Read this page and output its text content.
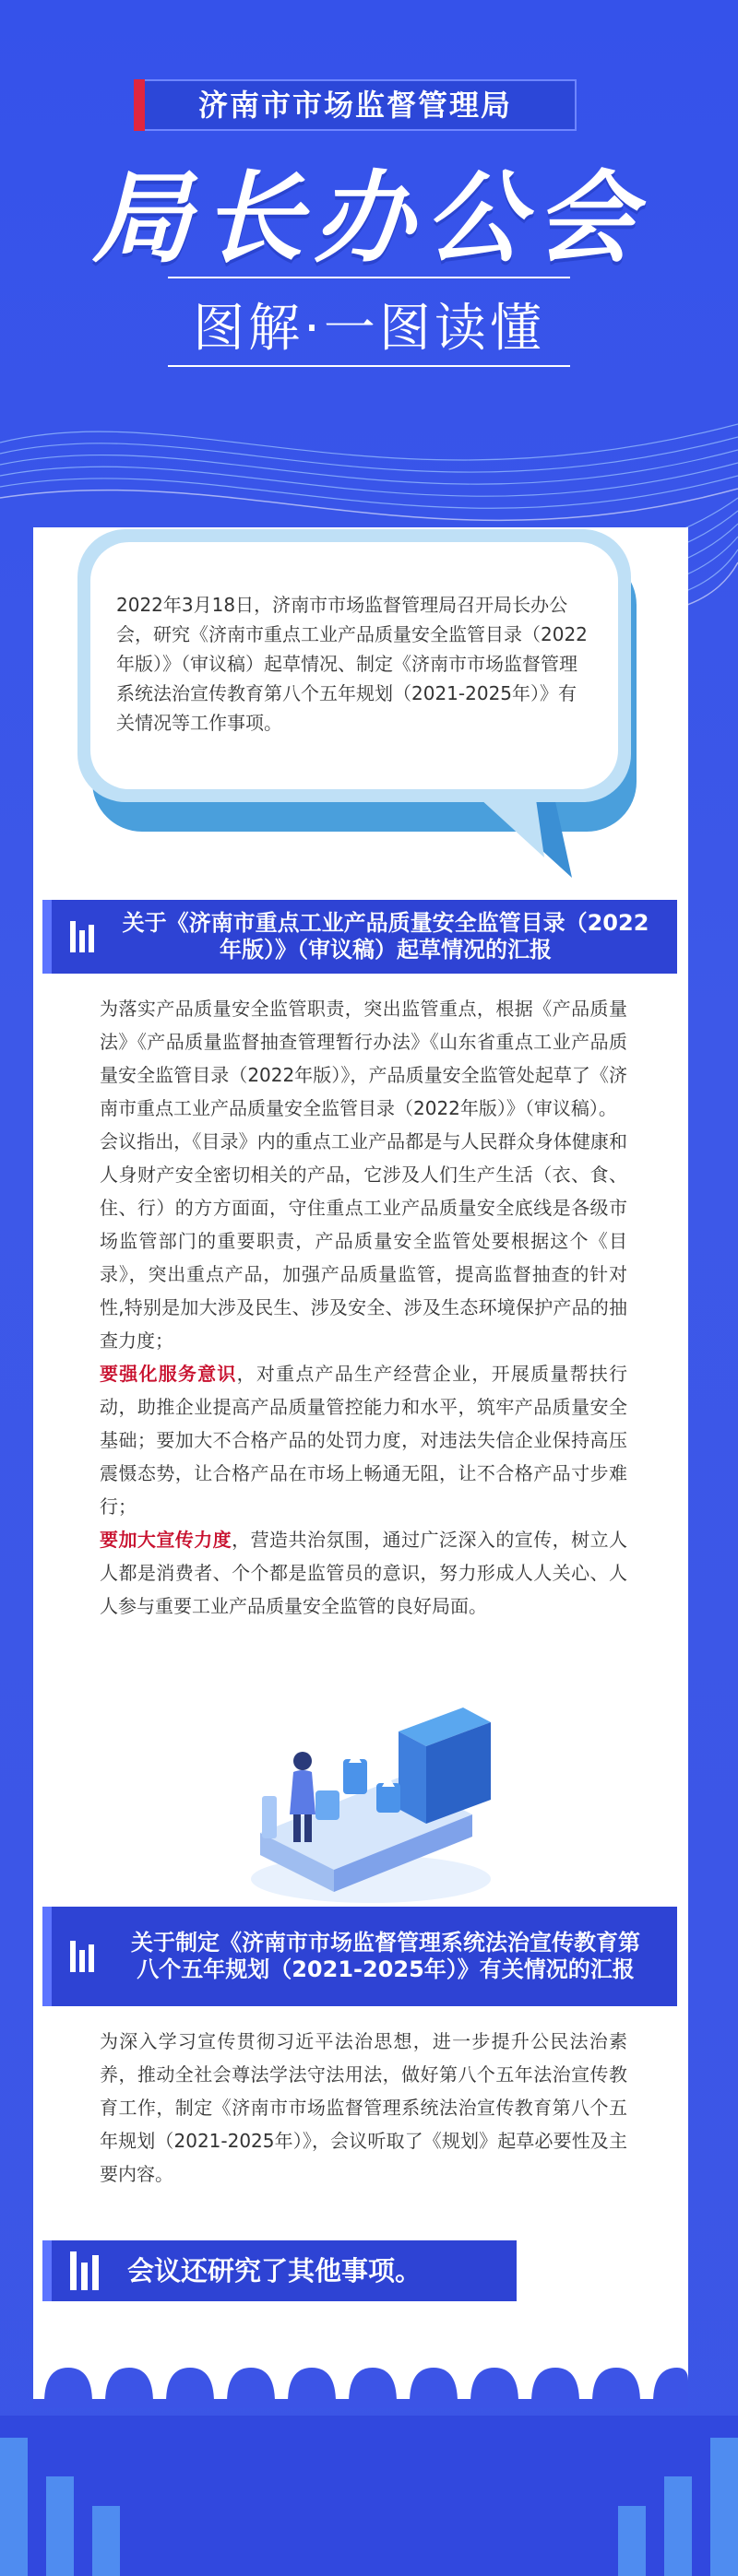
济南市市场监督管理局
局长办公会
图解·一图读懂
2022年3月18日，济南市市场监督管理局召开局长办公会，研究《济南市重点工业产品质量安全监管目录（2022年版）》（审议稿）起草情况、制定《济南市市场监督管理系统法治宣传教育第八个五年规划（2021-2025年）》有关情况等工作事项。
关于《济南市重点工业产品质量安全监管目录（2022年版）》（审议稿）起草情况的汇报

为落实产品质量安全监管职责，突出监管重点，根据《产品质量法》《产品质量监督抽查管理暂行办法》《山东省重点工业产品质量安全监管目录（2022年版）》，产品质量安全监管处起草了《济南市重点工业产品质量安全监管目录（2022年版）》（审议稿）。

会议指出，《目录》内的重点工业产品都是与人民群众身体健康和人身财产安全密切相关的产品，它涉及人们生产生活（衣、食、住、行）的方方面面，守住重点工业产品质量安全底线是各级市场监管部门的重要职责，产品质量安全监管处要根据这个《目录》，突出重点产品，加强产品质量监管，提高监督抽查的针对性,特别是加大涉及民生、涉及安全、涉及生态环境保护产品的抽查力度；

要强化服务意识，对重点产品生产经营企业，开展质量帮扶行动，助推企业提高产品质量管控能力和水平，筑牢产品质量安全基础；要加大不合格产品的处罚力度，对违法失信企业保持高压震慑态势，让合格产品在市场上畅通无阻，让不合格产品寸步难行；

要加大宣传力度，营造共治氛围，通过广泛深入的宣传，树立人人都是消费者、个个都是监管员的意识，努力形成人人关心、人人参与重要工业产品质量安全监管的良好局面。

关于制定《济南市市场监督管理系统法治宣传教育第八个五年规划（2021-2025年）》有关情况的汇报

为深入学习宣传贯彻习近平法治思想，进一步提升公民法治素养，推动全社会尊法学法守法用法，做好第八个五年法治宣传教育工作，制定《济南市市场监督管理系统法治宣传教育第八个五年规划（2021-2025年）》，会议听取了《规划》起草必要性及主要内容。

会议还研究了其他事项。
